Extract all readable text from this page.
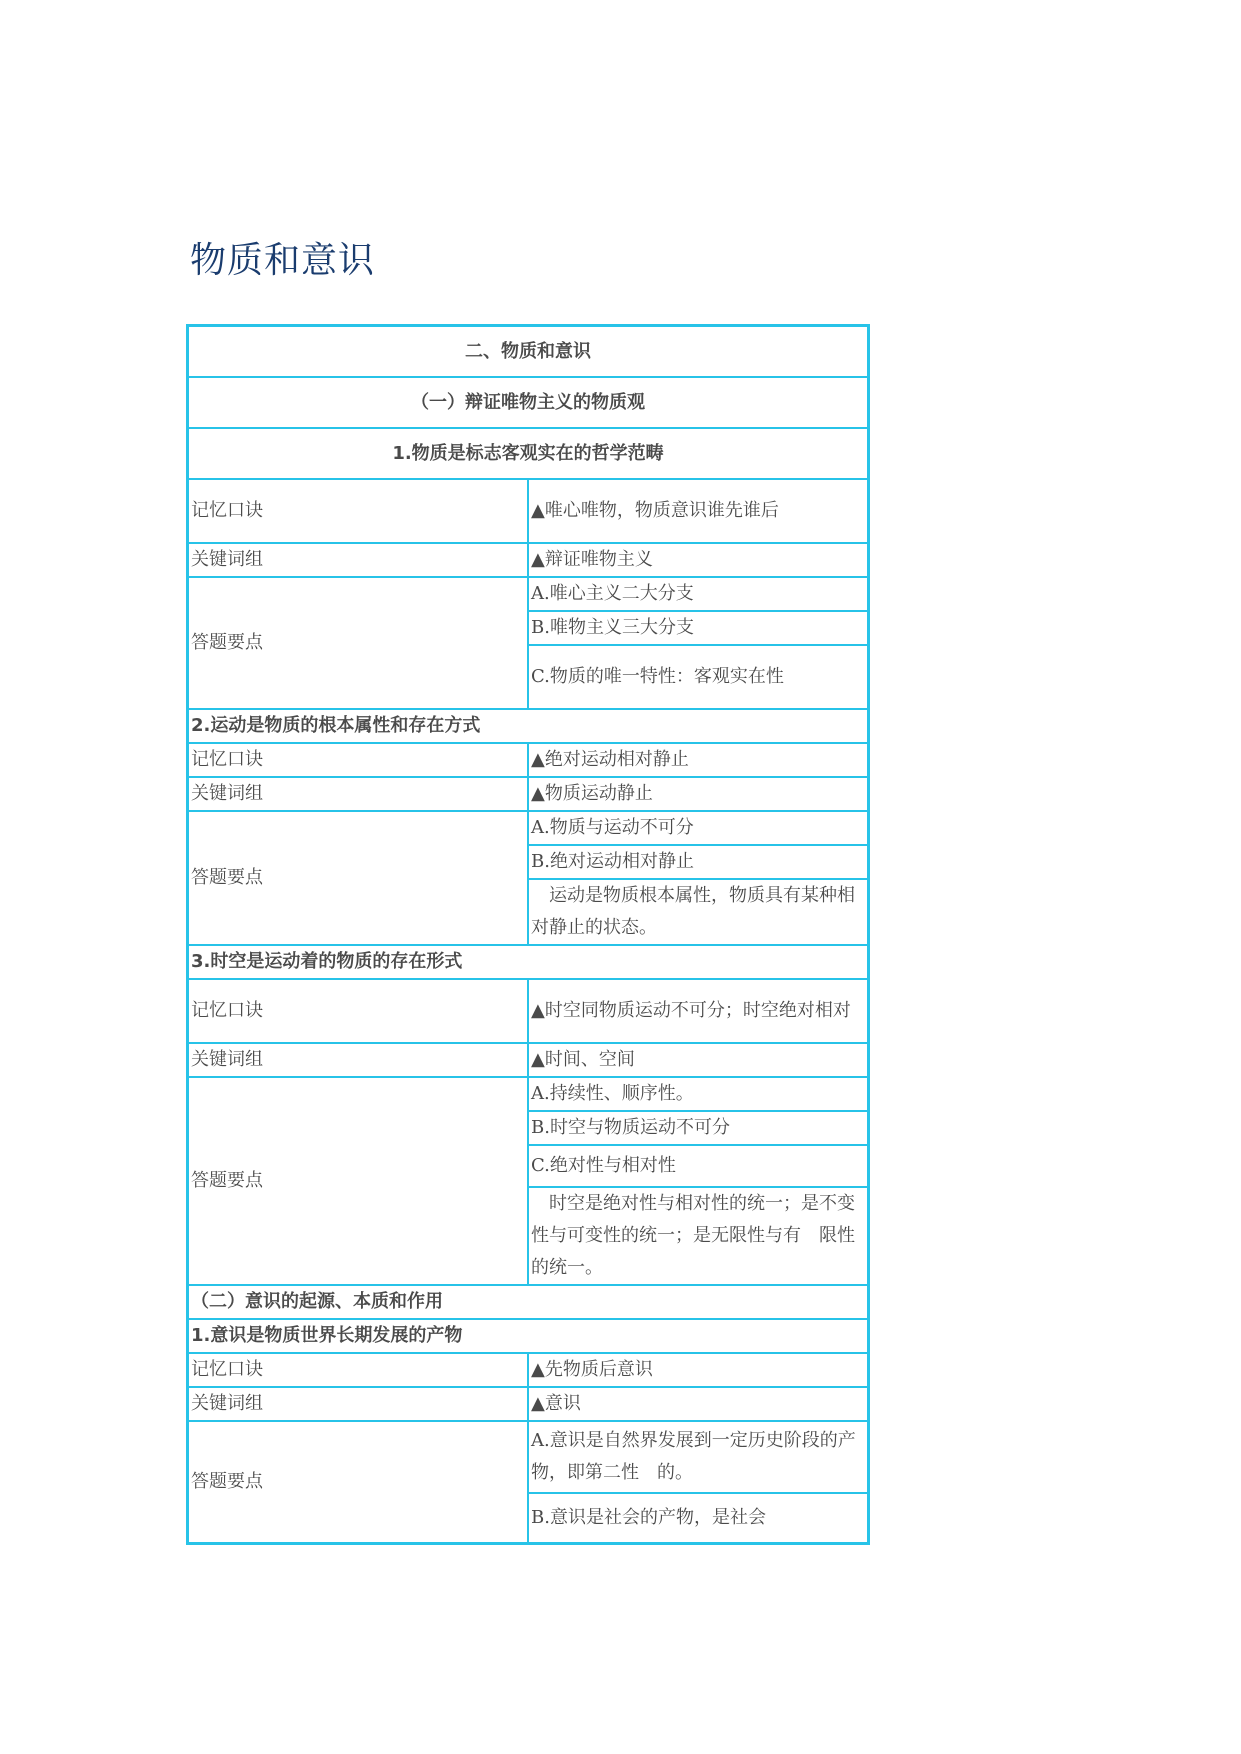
物质和意识
二、物质和意识	
（一）辩证唯物主义的物质观	
1.物质是标志客观实在的哲学范畴	
记忆口诀	▲唯心唯物，物质意识谁先谁后
关键词组	▲辩证唯物主义
答题要点	A.唯心主义二大分支
	B.唯物主义三大分支
	C.物质的唯一特性：客观实在性
2.运动是物质的根本属性和存在方式	
记忆口诀	▲绝对运动相对静止
关键词组	▲物质运动静止
答题要点	A.物质与运动不可分
	B.绝对运动相对静止
	　运动是物质根本属性，物质具有某种相对静止的状态。
3.时空是运动着的物质的存在形式	
记忆口诀	▲时空同物质运动不可分；时空绝对相对
关键词组	▲时间、空间
答题要点	A.持续性、顺序性。
	B.时空与物质运动不可分
	C.绝对性与相对性
	　时空是绝对性与相对性的统一；是不变性与可变性的统一；是无限性与有　限性的统一。
（二）意识的起源、本质和作用	
1.意识是物质世界长期发展的产物	
记忆口诀	▲先物质后意识
关键词组	▲意识
答题要点	A.意识是自然界发展到一定历史阶段的产物，即第二性　的。
	B.意识是社会的产物，是社会
